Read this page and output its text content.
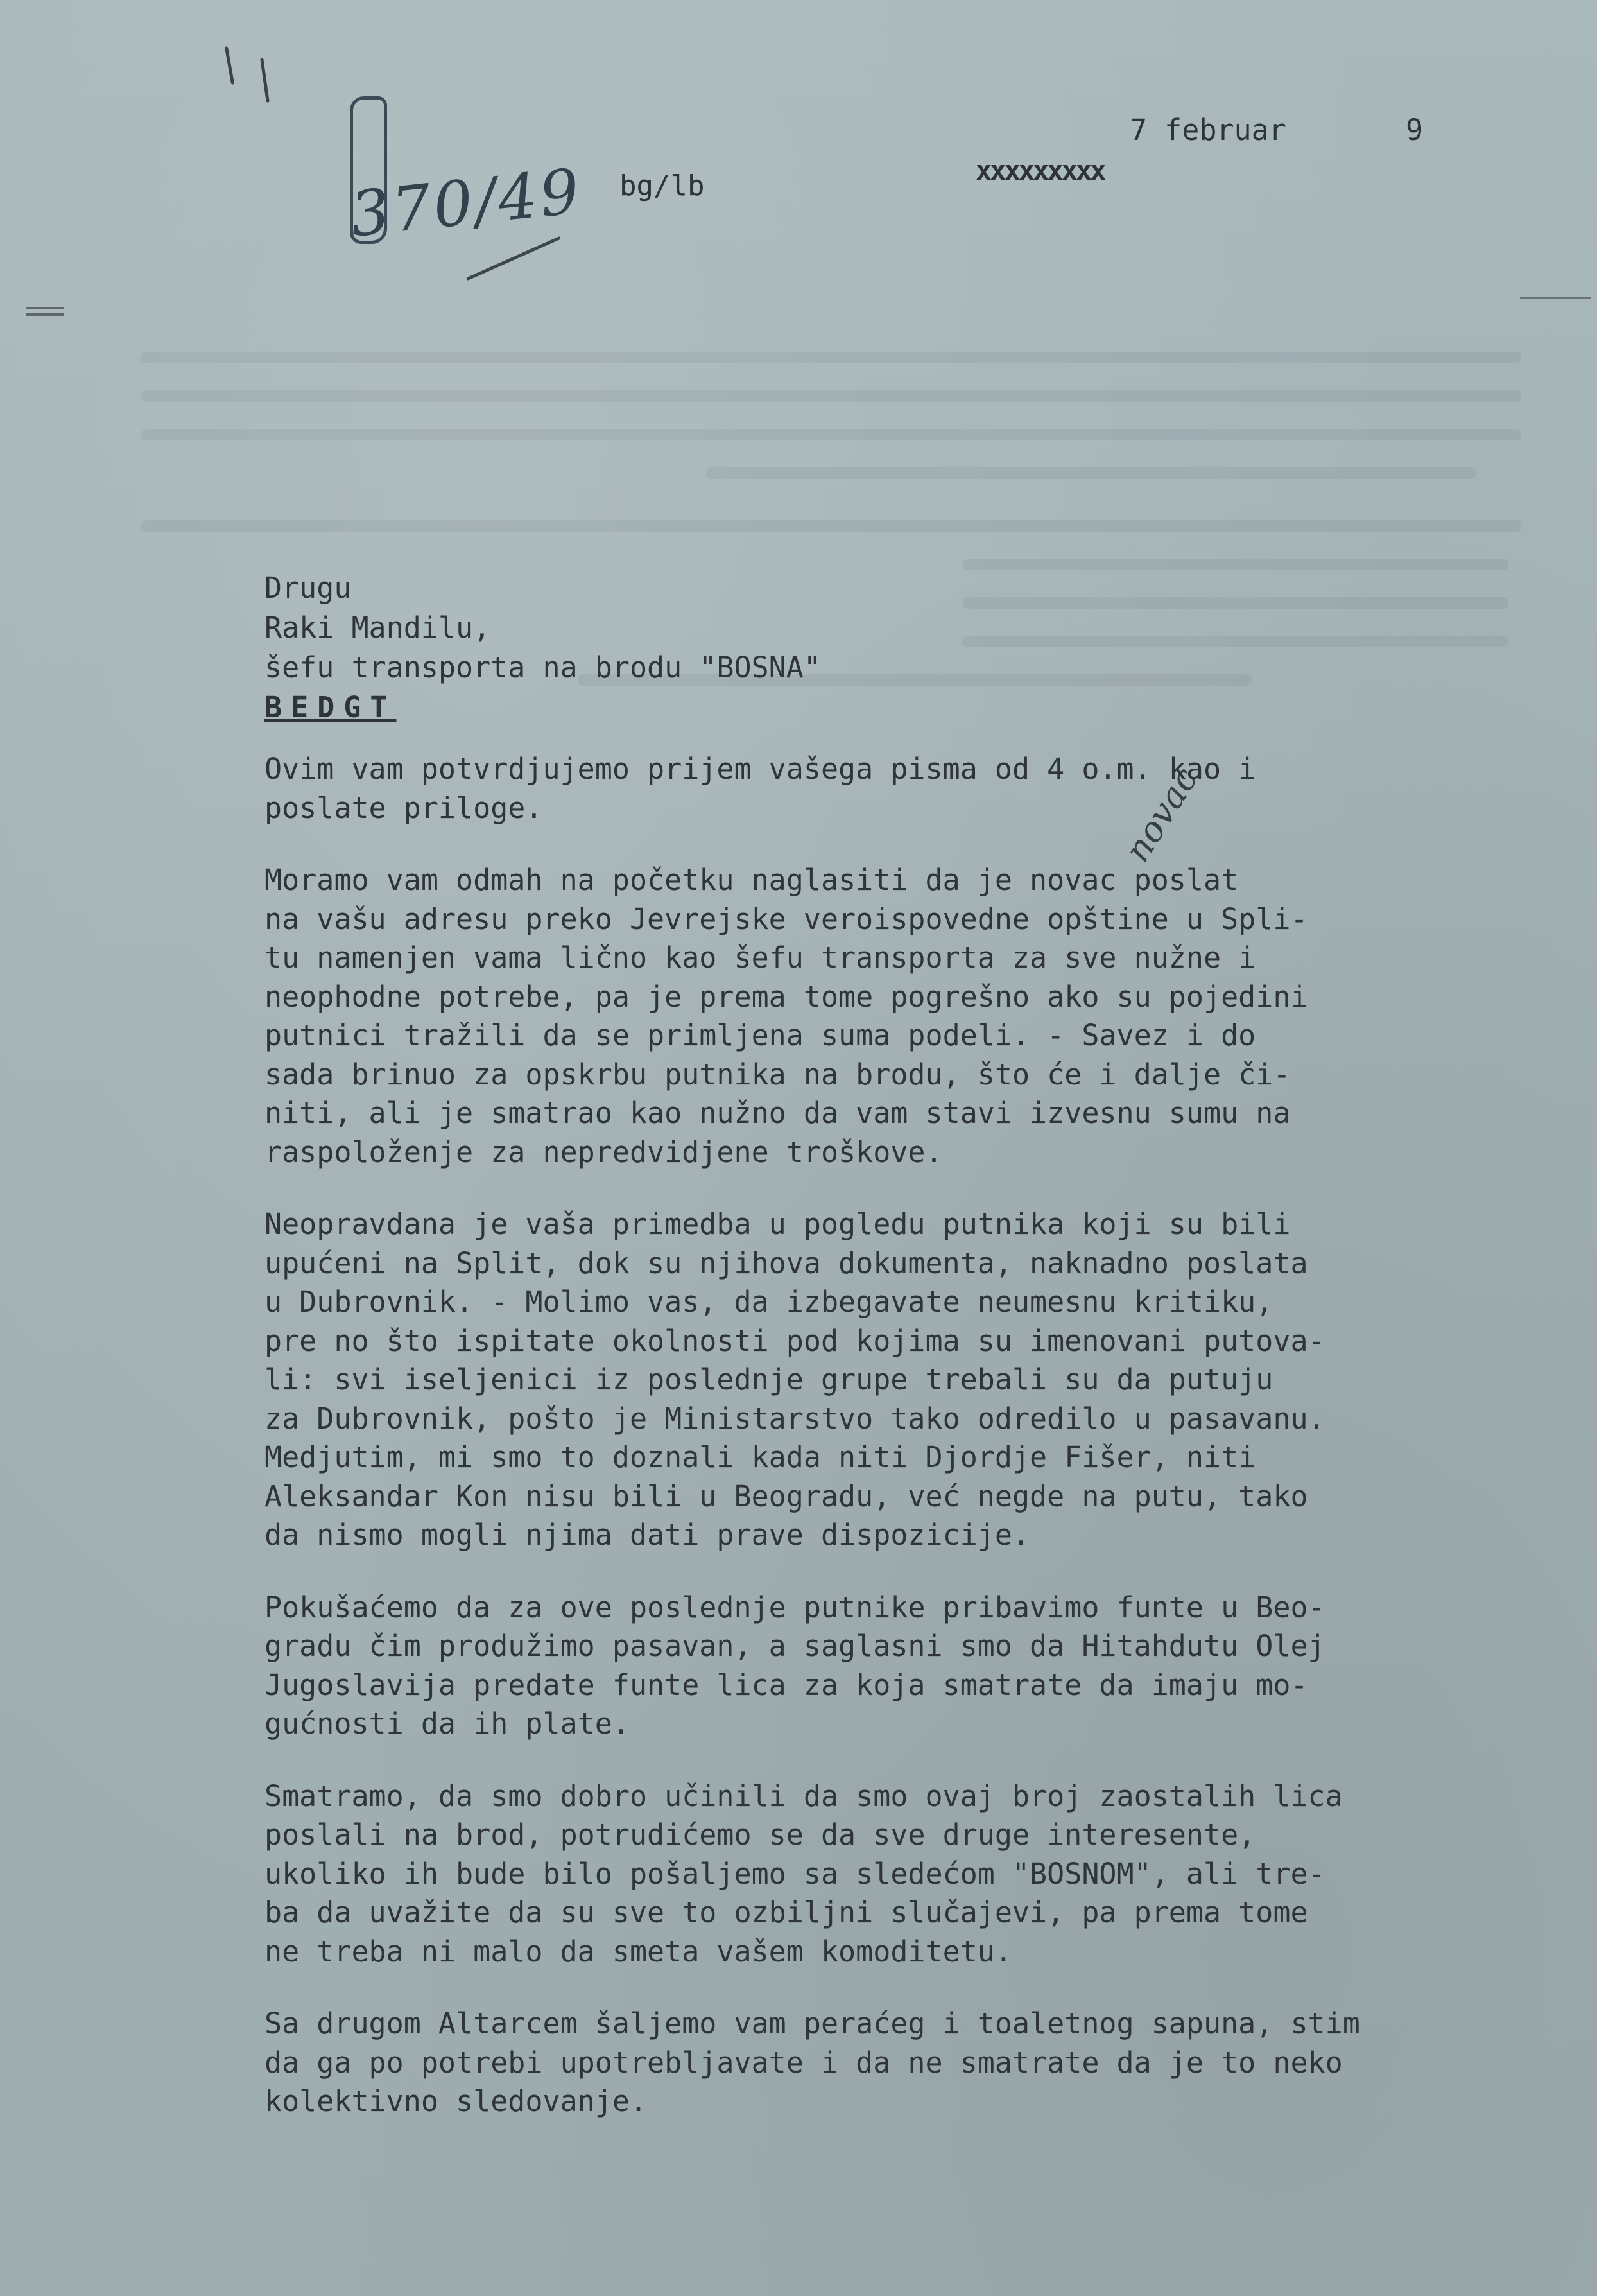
370/49 bg/lb
7 februar	9
xxxxxxxxx
Drugu
Raki Mandilu,
šefu transporta na brodu "BOSNA"
BEDGT

Ovim vam potvrdjujemo prijem vašega pisma od 4 o.m. kao i
poslate priloge.

Moramo vam odmah na početku naglasiti da je novac poslat
na vašu adresu preko Jevrejske veroispovedne opštine u Spli-
tu namenjen vama lično kao šefu transporta za sve nužne i
neophodne potrebe, pa je prema tome pogrešno ako su pojedini
putnici tražili da se primljena suma podeli. - Savez i do
sada brinuo za opskrbu putnika na brodu, što će i dalje či-
niti, ali je smatrao kao nužno da vam stavi izvesnu sumu na
raspoloženje za nepredvidjene troškove.

Neopravdana je vaša primedba u pogledu putnika koji su bili
upućeni na Split, dok su njihova dokumenta, naknadno poslata
u Dubrovnik. - Molimo vas, da izbegavate neumesnu kritiku,
pre no što ispitate okolnosti pod kojima su imenovani putova-
li: svi iseljenici iz poslednje grupe trebali su da putuju
za Dubrovnik, pošto je Ministarstvo tako odredilo u pasavanu.
Medjutim, mi smo to doznali kada niti Djordje Fišer, niti
Aleksandar Kon nisu bili u Beogradu, već negde na putu, tako
da nismo mogli njima dati prave dispozicije.

Pokušaćemo da za ove poslednje putnike pribavimo funte u Beo-
gradu čim produžimo pasavan, a saglasni smo da Hitahdutu Olej
Jugoslavija predate funte lica za koja smatrate da imaju mo-
gućnosti da ih plate.

Smatramo, da smo dobro učinili da smo ovaj broj zaostalih lica
poslali na brod, potrudićemo se da sve druge interesente,
ukoliko ih bude bilo pošaljemo sa sledećom "BOSNOM", ali tre-
ba da uvažite da su sve to ozbiljni slučajevi, pa prema tome
ne treba ni malo da smeta vašem komoditetu.

Sa drugom Altarcem šaljemo vam peraćeg i toaletnog sapuna, stim
da ga po potrebi upotrebljavate i da ne smatrate da je to neko
kolektivno sledovanje.

novac
